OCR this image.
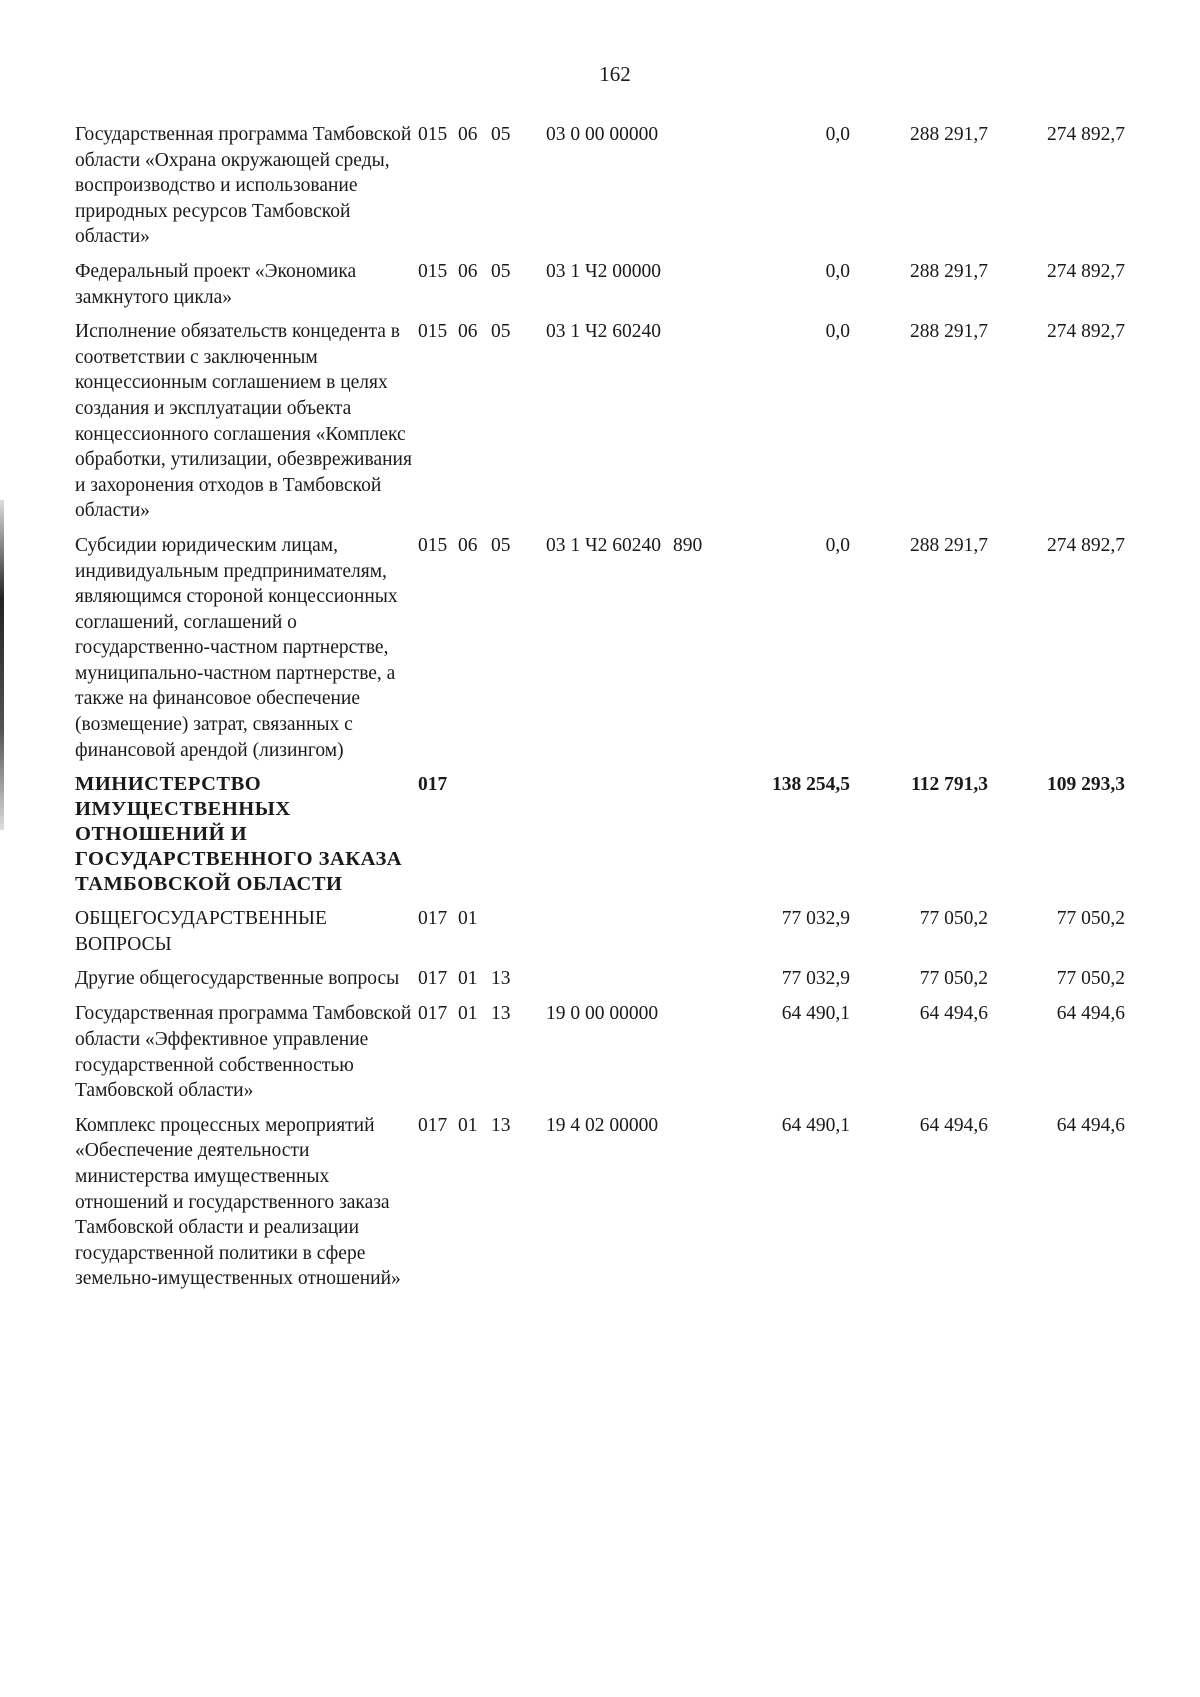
162
Государственная программа Тамбовской области «Охрана окружающей среды, воспроизводство и использование природных ресурсов Тамбовской области»
015 06 05 03 0 00 00000	0,0	288 291,7	274 892,7
Федеральный проект «Экономика замкнутого цикла»
015 06 05 03 1 Ч2 00000	0,0	288 291,7	274 892,7
Исполнение обязательств концедента в соответствии с заключенным концессионным соглашением в целях создания и эксплуатации объекта концессионного соглашения «Комплекс обработки, утилизации, обезвреживания и захоронения отходов в Тамбовской области»
015 06 05 03 1 Ч2 60240	0,0	288 291,7	274 892,7
Субсидии юридическим лицам, индивидуальным предпринимателям, являющимся стороной концессионных соглашений, соглашений о государственно-частном партнерстве, муниципально-частном партнерстве, а также на финансовое обеспечение (возмещение) затрат, связанных с финансовой арендой (лизингом)
015 06 05 03 1 Ч2 60240 890	0,0	288 291,7	274 892,7
МИНИСТЕРСТВО ИМУЩЕСТВЕННЫХ ОТНОШЕНИЙ И ГОСУДАРСТВЕННОГО ЗАКАЗА ТАМБОВСКОЙ ОБЛАСТИ
017	138 254,5	112 791,3	109 293,3
ОБЩЕГОСУДАРСТВЕННЫЕ ВОПРОСЫ
017 01	77 032,9	77 050,2	77 050,2
Другие общегосударственные вопросы 017 01 13	77 032,9	77 050,2	77 050,2
Государственная программа Тамбовской области «Эффективное управление государственной собственностью Тамбовской области»
017 01 13 19 0 00 00000	64 490,1	64 494,6	64 494,6
Комплекс процессных мероприятий «Обеспечение деятельности министерства имущественных отношений и государственного заказа Тамбовской области и реализации государственной политики в сфере земельно-имущественных отношений»
017 01 13 19 4 02 00000	64 490,1	64 494,6	64 494,6
